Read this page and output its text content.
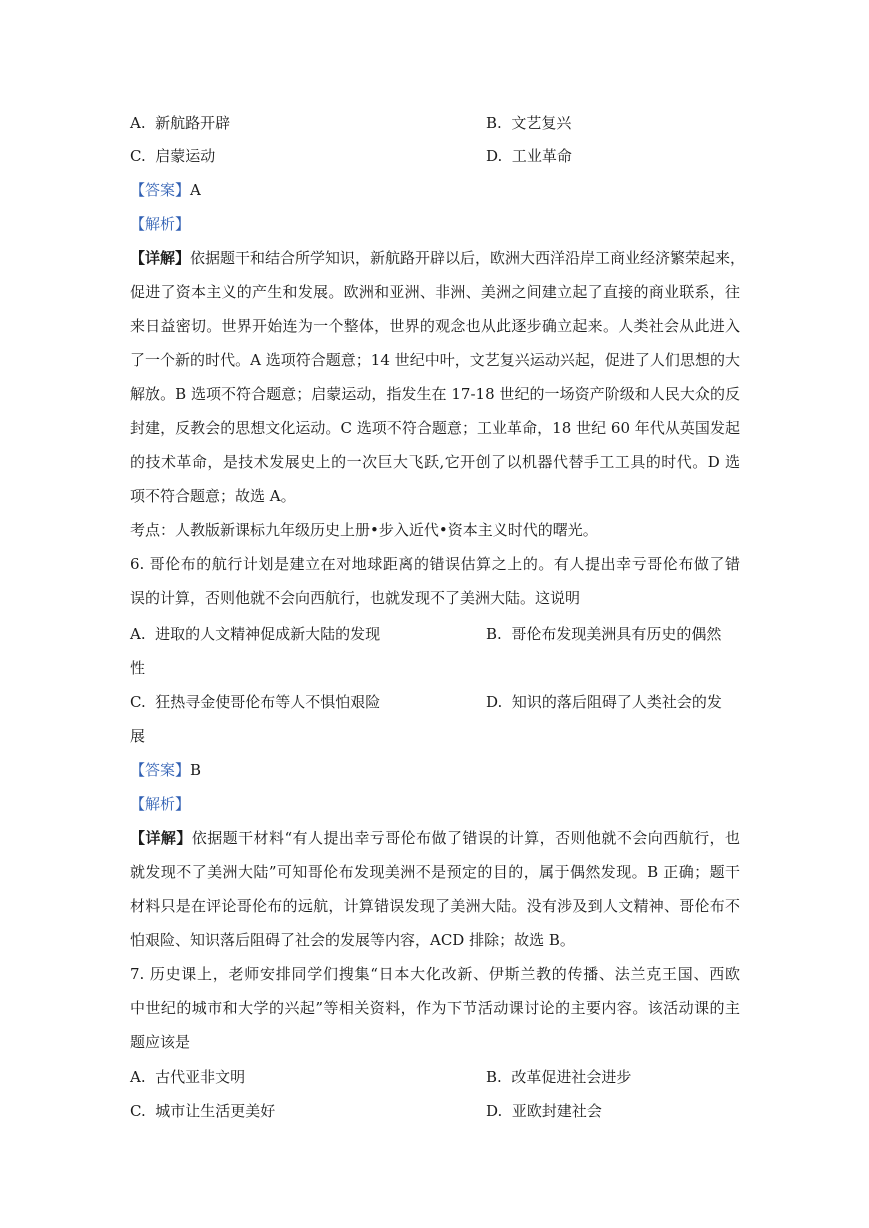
A. 新航路开辟	B. 文艺复兴
C. 启蒙运动	D. 工业革命
【答案】A
【解析】
【详解】依据题干和结合所学知识，新航路开辟以后，欧洲大西洋沿岸工商业经济繁荣起来，
促进了资本主义的产生和发展。欧洲和亚洲、非洲、美洲之间建立起了直接的商业联系，往
来日益密切。世界开始连为一个整体，世界的观念也从此逐步确立起来。人类社会从此进入
了一个新的时代。A 选项符合题意；14 世纪中叶，文艺复兴运动兴起，促进了人们思想的大
解放。B 选项不符合题意；启蒙运动，指发生在 17-18 世纪的一场资产阶级和人民大众的反
封建，反教会的思想文化运动。C 选项不符合题意；工业革命，18 世纪 60 年代从英国发起
的技术革命，是技术发展史上的一次巨大飞跃,它开创了以机器代替手工工具的时代。D 选
项不符合题意；故选 A。
考点：人教版新课标九年级历史上册•步入近代•资本主义时代的曙光。
6. 哥伦布的航行计划是建立在对地球距离的错误估算之上的。有人提出幸亏哥伦布做了错
误的计算，否则他就不会向西航行，也就发现不了美洲大陆。这说明
A. 进取的人文精神促成新大陆的发现	B. 哥伦布发现美洲具有历史的偶然
性
C. 狂热寻金使哥伦布等人不惧怕艰险	D. 知识的落后阻碍了人类社会的发
展
【答案】B
【解析】
【详解】依据题干材料“有人提出幸亏哥伦布做了错误的计算，否则他就不会向西航行，也
就发现不了美洲大陆”可知哥伦布发现美洲不是预定的目的，属于偶然发现。B 正确；题干
材料只是在评论哥伦布的远航，计算错误发现了美洲大陆。没有涉及到人文精神、哥伦布不
怕艰险、知识落后阻碍了社会的发展等内容，ACD 排除；故选 B。
7. 历史课上，老师安排同学们搜集“日本大化改新、伊斯兰教的传播、法兰克王国、西欧
中世纪的城市和大学的兴起”等相关资料，作为下节活动课讨论的主要内容。该活动课的主
题应该是
A. 古代亚非文明	B. 改革促进社会进步
C. 城市让生活更美好	D. 亚欧封建社会
